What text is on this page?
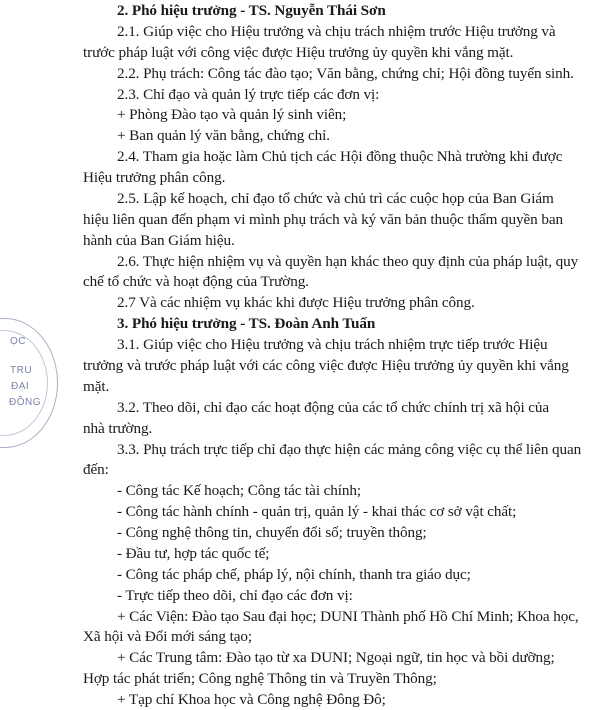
ỌC
TRU
ĐẠI
ĐỒNG
2. Phó hiệu trưởng - TS. Nguyễn Thái Sơn
2.1. Giúp việc cho Hiệu trưởng và chịu trách nhiệm trước Hiệu trưởng và
trước pháp luật với công việc được Hiệu trưởng ủy quyền khi vắng mặt.
2.2. Phụ trách: Công tác đào tạo; Văn bằng, chứng chỉ; Hội đồng tuyển sinh.
2.3. Chỉ đạo và quản lý trực tiếp các đơn vị:
+ Phòng Đào tạo và quản lý sinh viên;
+ Ban quản lý văn bằng, chứng chỉ.
2.4. Tham gia hoặc làm Chủ tịch các Hội đồng thuộc Nhà trường khi được
Hiệu trưởng phân công.
2.5. Lập kế hoạch, chỉ đạo tổ chức và chủ trì các cuộc họp của Ban Giám
hiệu liên quan đến phạm vi mình phụ trách và ký văn bản thuộc thẩm quyền ban
hành của Ban Giám hiệu.
2.6. Thực hiện nhiệm vụ và quyền hạn khác theo quy định của pháp luật, quy
chế tổ chức và hoạt động của Trường.
2.7 Và các nhiệm vụ khác khi được Hiệu trưởng phân công.
3. Phó hiệu trưởng - TS. Đoàn Anh Tuấn
3.1. Giúp việc cho Hiệu trưởng và chịu trách nhiệm trực tiếp trước Hiệu
trưởng và trước pháp luật với các công việc được Hiệu trưởng ủy quyền khi vắng
mặt.
3.2. Theo dõi, chỉ đạo các hoạt động của các tổ chức chính trị xã hội của
nhà trường.
3.3. Phụ trách trực tiếp chỉ đạo thực hiện các mảng công việc cụ thể liên quan
đến:
- Công tác Kế hoạch; Công tác tài chính;
- Công tác hành chính - quản trị, quản lý - khai thác cơ sở vật chất;
- Công nghệ thông tin, chuyển đổi số; truyền thông;
- Đầu tư, hợp tác quốc tế;
- Công tác pháp chế, pháp lý, nội chính, thanh tra giáo dục;
- Trực tiếp theo dõi, chỉ đạo các đơn vị:
+ Các Viện: Đào tạo Sau đại học; DUNI Thành phố Hồ Chí Minh; Khoa học,
Xã hội và Đổi mới sáng tạo;
+ Các Trung tâm: Đào tạo từ xa DUNI; Ngoại ngữ, tin học và bồi dưỡng;
Hợp tác phát triển; Công nghệ Thông tin và Truyền Thông;
+ Tạp chí Khoa học và Công nghệ Đông Đô;
